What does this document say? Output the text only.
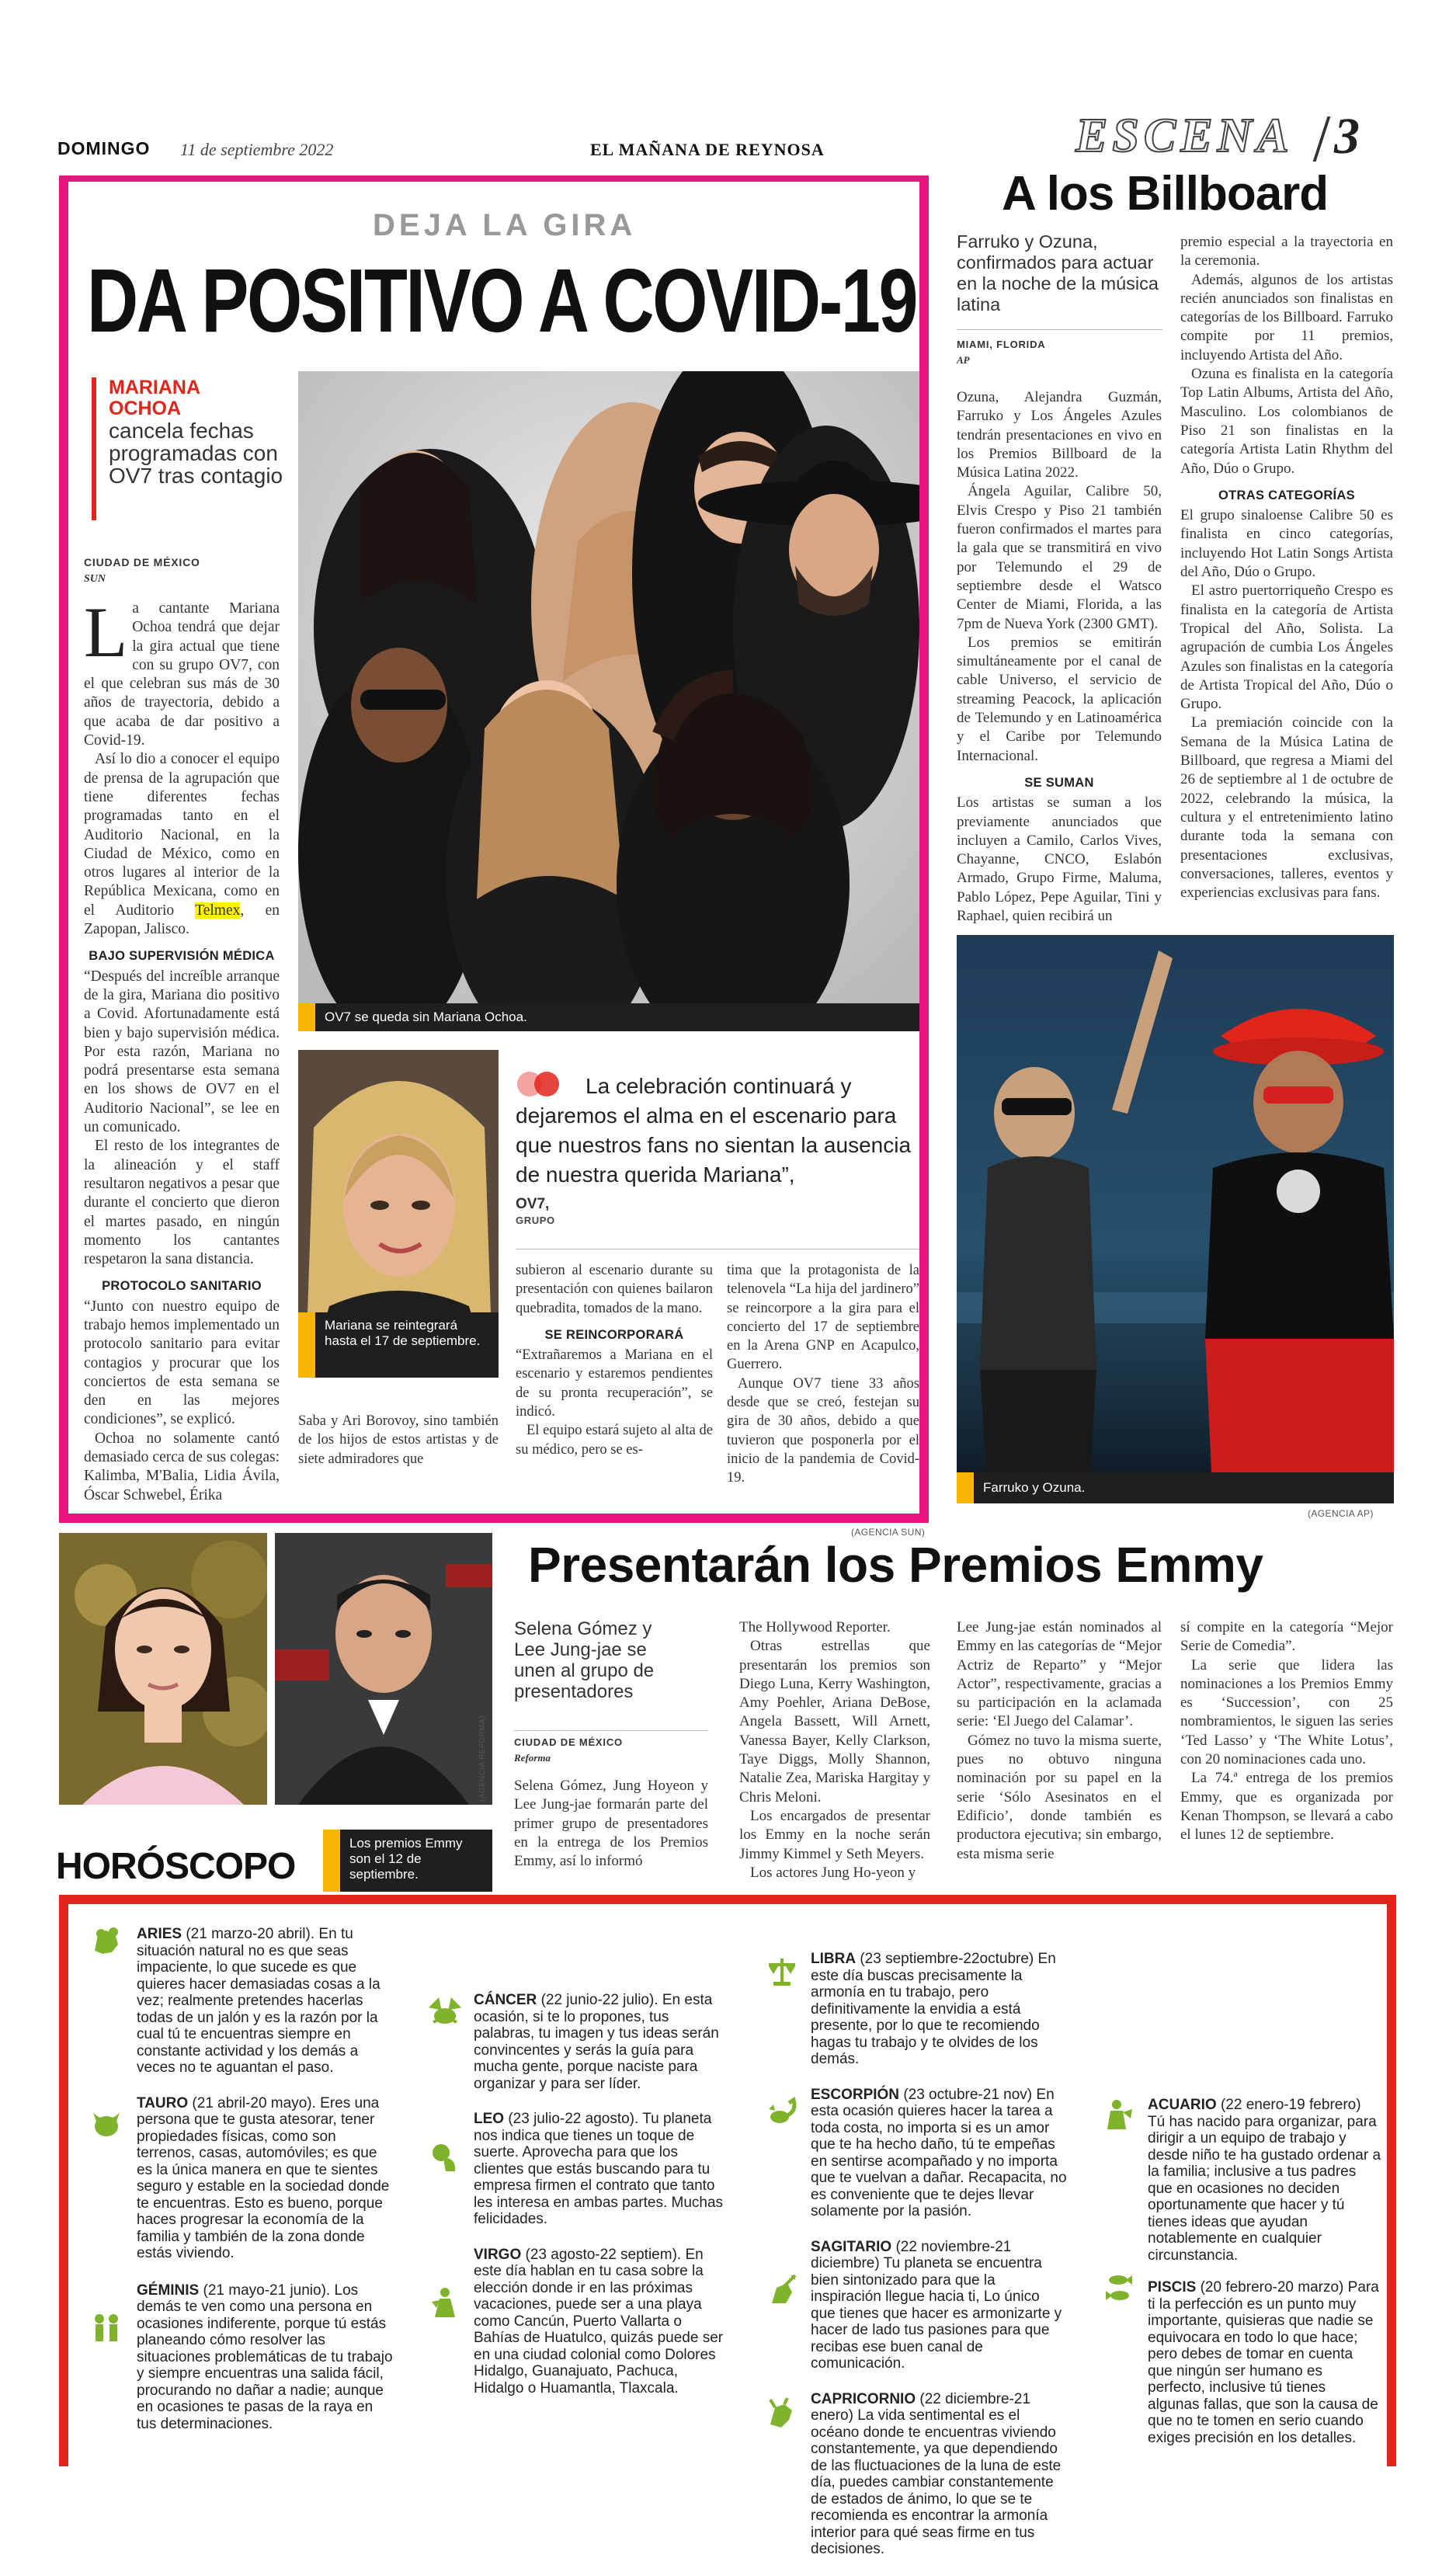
DOMINGO 11 de septiembre 2022	EL MAÑANA DE REYNOSA	ESCENA 3
DEJA LA GIRA
DA POSITIVO A COVID-19
MARIANA OCHOA
cancela fechas programadas con OV7 tras contagio
CIUDAD DE MÉXICO
SUN

La cantante Mariana Ochoa tendrá que dejar la gira actual que tiene con su grupo OV7, con el que celebran sus más de 30 años de trayectoria, debido a que acaba de dar positivo a Covid-19.

Así lo dio a conocer el equipo de prensa de la agrupación que tiene diferentes fechas programadas tanto en el Auditorio Nacional, en la Ciudad de México, como en otros lugares al interior de la República Mexicana, como en el Auditorio Telmex, en Zapopan, Jalisco.

BAJO SUPERVISIÓN MÉDICA

“Después del increíble arranque de la gira, Mariana dio positivo a Covid. Afortunadamente está bien y bajo supervisión médica. Por esta razón, Mariana no podrá presentarse esta semana en los shows de OV7 en el Auditorio Nacional”, se lee en un comunicado.

El resto de los integrantes de la alineación y el staff resultaron negativos a pesar que durante el concierto que dieron el martes pasado, en ningún momento los cantantes respetaron la sana distancia.

PROTOCOLO SANITARIO

“Junto con nuestro equipo de trabajo hemos implementado un protocolo sanitario para evitar contagios y procurar que los conciertos de esta semana se den en las mejores condiciones”, se explicó.

Ochoa no solamente cantó demasiado cerca de sus colegas: Kalimba, M'Balia, Lidia Ávila, Óscar Schwebel, Érika

OV7 se queda sin Mariana Ochoa.
Mariana se reintegrará hasta el 17 de septiembre.
La celebración continuará y dejaremos el alma en el escenario para que nuestros fans no sientan la ausencia de nuestra querida Mariana”,
OV7,
GRUPO

Saba y Ari Borovoy, sino también de los hijos de estos artistas y de siete admiradores que

subieron al escenario durante su presentación con quienes bailaron quebradita, tomados de la mano.

SE REINCORPORARÁ

“Extrañaremos a Mariana en el escenario y estaremos pendientes de su pronta recuperación”, se indicó.

El equipo estará sujeto al alta de su médico, pero se es-

tima que la protagonista de la telenovela “La hija del jardinero” se reincorpore a la gira para el concierto del 17 de septiembre en la Arena GNP en Acapulco, Guerrero.

Aunque OV7 tiene 33 años desde que se creó, festejan su gira de 30 años, debido a que tuvieron que posponerla por el inicio de la pandemia de Covid-19.

(AGENCIA SUN)
A los Billboard
Farruko y Ozuna, confirmados para actuar en la noche de la música latina
MIAMI, FLORIDA
AP

Ozuna, Alejandra Guzmán, Farruko y Los Ángeles Azules tendrán presentaciones en vivo en los Premios Billboard de la Música Latina 2022.

Ángela Aguilar, Calibre 50, Elvis Crespo y Piso 21 también fueron confirmados el martes para la gala que se transmitirá en vivo por Telemundo el 29 de septiembre desde el Watsco Center de Miami, Florida, a las 7pm de Nueva York (2300 GMT).

Los premios se emitirán simultáneamente por el canal de cable Universo, el servicio de streaming Peacock, la aplicación de Telemundo y en Latinoamérica y el Caribe por Telemundo Internacional.

SE SUMAN

Los artistas se suman a los previamente anunciados que incluyen a Camilo, Carlos Vives, Chayanne, CNCO, Eslabón Armado, Grupo Firme, Maluma, Pablo López, Pepe Aguilar, Tini y Raphael, quien recibirá un

premio especial a la trayectoria en la ceremonia.

Además, algunos de los artistas recién anunciados son finalistas en categorías de los Billboard. Farruko compite por 11 premios, incluyendo Artista del Año.

Ozuna es finalista en la categoría Top Latin Albums, Artista del Año, Masculino. Los colombianos de Piso 21 son finalistas en la categoría Artista Latin Rhythm del Año, Dúo o Grupo.

OTRAS CATEGORÍAS

El grupo sinaloense Calibre 50 es finalista en cinco categorías, incluyendo Hot Latin Songs Artista del Año, Dúo o Grupo.

El astro puertorriqueño Crespo es finalista en la categoría de Artista Tropical del Año, Solista. La agrupación de cumbia Los Ángeles Azules son finalistas en la categoría de Artista Tropical del Año, Dúo o Grupo.

La premiación coincide con la Semana de la Música Latina de Billboard, que regresa a Miami del 26 de septiembre al 1 de octubre de 2022, celebrando la música, la cultura y el entretenimiento latino durante toda la semana con presentaciones exclusivas, conversaciones, talleres, eventos y experiencias exclusivas para fans.

Farruko y Ozuna.
(AGENCIA AP)
(AGENCIA REFORMA)
Los premios Emmy son el 12 de septiembre.
Presentarán los Premios Emmy
Selena Gómez y Lee Jung-jae se unen al grupo de presentadores
CIUDAD DE MÉXICO
Reforma

Selena Gómez, Jung Hoyeon y Lee Jung-jae formarán parte del primer grupo de presentadores en la entrega de los Premios Emmy, así lo informó

The Hollywood Reporter.

Otras estrellas que presentarán los premios son Diego Luna, Kerry Washington, Amy Poehler, Ariana DeBose, Angela Bassett, Will Arnett, Vanessa Bayer, Kelly Clarkson, Taye Diggs, Molly Shannon, Natalie Zea, Mariska Hargitay y Chris Meloni.

Los encargados de presentar los Emmy en la noche serán Jimmy Kimmel y Seth Meyers.

Los actores Jung Ho-yeon y

Lee Jung-jae están nominados al Emmy en las categorías de “Mejor Actriz de Reparto” y “Mejor Actor”, respectivamente, gracias a su participación en la aclamada serie: ‘El Juego del Calamar’.

Gómez no tuvo la misma suerte, pues no obtuvo ninguna nominación por su papel en la serie ‘Sólo Asesinatos en el Edificio’, donde también es productora ejecutiva; sin embargo, esta misma serie

sí compite en la categoría “Mejor Serie de Comedia”.

La serie que lidera las nominaciones a los Premios Emmy es ‘Succession’, con 25 nombramientos, le siguen las series ‘Ted Lasso’ y ‘The White Lotus’, con 20 nominaciones cada uno.

La 74.ª entrega de los premios Emmy, que es organizada por Kenan Thompson, se llevará a cabo el lunes 12 de septiembre.

HORÓSCOPO
ARIES (21 marzo-20 abril). En tu situación natural no es que seas impaciente, lo que sucede es que quieres hacer demasiadas cosas a la vez; realmente pretendes hacerlas todas de un jalón y es la razón por la cual tú te encuentras siempre en constante actividad y los demás a veces no te aguantan el paso.
TAURO (21 abril-20 mayo). Eres una persona que te gusta atesorar, tener propiedades físicas, como son terrenos, casas, automóviles; es que es la única manera en que te sientes seguro y estable en la sociedad donde te encuentras. Esto es bueno, porque haces progresar la economía de la familia y también de la zona donde estás viviendo.
GÉMINIS (21 mayo-21 junio). Los demás te ven como una persona en ocasiones indiferente, porque tú estás planeando cómo resolver las situaciones problemáticas de tu trabajo y siempre encuentras una salida fácil, procurando no dañar a nadie; aunque en ocasiones te pasas de la raya en tus determinaciones.
CÁNCER (22 junio-22 julio). En esta ocasión, si te lo propones, tus palabras, tu imagen y tus ideas serán convincentes y serás la guía para mucha gente, porque naciste para organizar y para ser líder.
LEO (23 julio-22 agosto). Tu planeta nos indica que tienes un toque de suerte. Aprovecha para que los clientes que estás buscando para tu empresa firmen el contrato que tanto les interesa en ambas partes. Muchas felicidades.
VIRGO (23 agosto-22 septiem). En este día hablan en tu casa sobre la elección donde ir en las próximas vacaciones, puede ser a una playa como Cancún, Puerto Vallarta o Bahías de Huatulco, quizás puede ser en una ciudad colonial como Dolores Hidalgo, Guanajuato, Pachuca, Hidalgo o Huamantla, Tlaxcala.
LIBRA (23 septiembre-22octubre) En este día buscas precisamente la armonía en tu trabajo, pero definitivamente la envidia a está presente, por lo que te recomiendo hagas tu trabajo y te olvides de los demás.
ESCORPIÓN (23 octubre-21 nov) En esta ocasión quieres hacer la tarea a toda costa, no importa si es un amor que te ha hecho daño, tú te empeñas en sentirse acompañado y no importa que te vuelvan a dañar. Recapacita, no es conveniente que te dejes llevar solamente por la pasión.
SAGITARIO (22 noviembre-21 diciembre) Tu planeta se encuentra bien sintonizado para que la inspiración llegue hacia ti, Lo único que tienes que hacer es armonizarte y hacer de lado tus pasiones para que recibas ese buen canal de comunicación.
CAPRICORNIO (22 diciembre-21 enero) La vida sentimental es el océano donde te encuentras viviendo constantemente, ya que dependiendo de las fluctuaciones de la luna de este día, puedes cambiar constantemente de estados de ánimo, lo que se te recomienda es encontrar la armonía interior para qué seas firme en tus decisiones.
ACUARIO (22 enero-19 febrero) Tú has nacido para organizar, para dirigir a un equipo de trabajo y desde niño te ha gustado ordenar a la familia; inclusive a tus padres que en ocasiones no deciden oportunamente que hacer y tú tienes ideas que ayudan notablemente en cualquier circunstancia.
PISCIS (20 febrero-20 marzo) Para ti la perfección es un punto muy importante, quisieras que nadie se equivocara en todo lo que hace; pero debes de tomar en cuenta que ningún ser humano es perfecto, inclusive tú tienes algunas fallas, que son la causa de que no te tomen en serio cuando exiges precisión en los detalles.
